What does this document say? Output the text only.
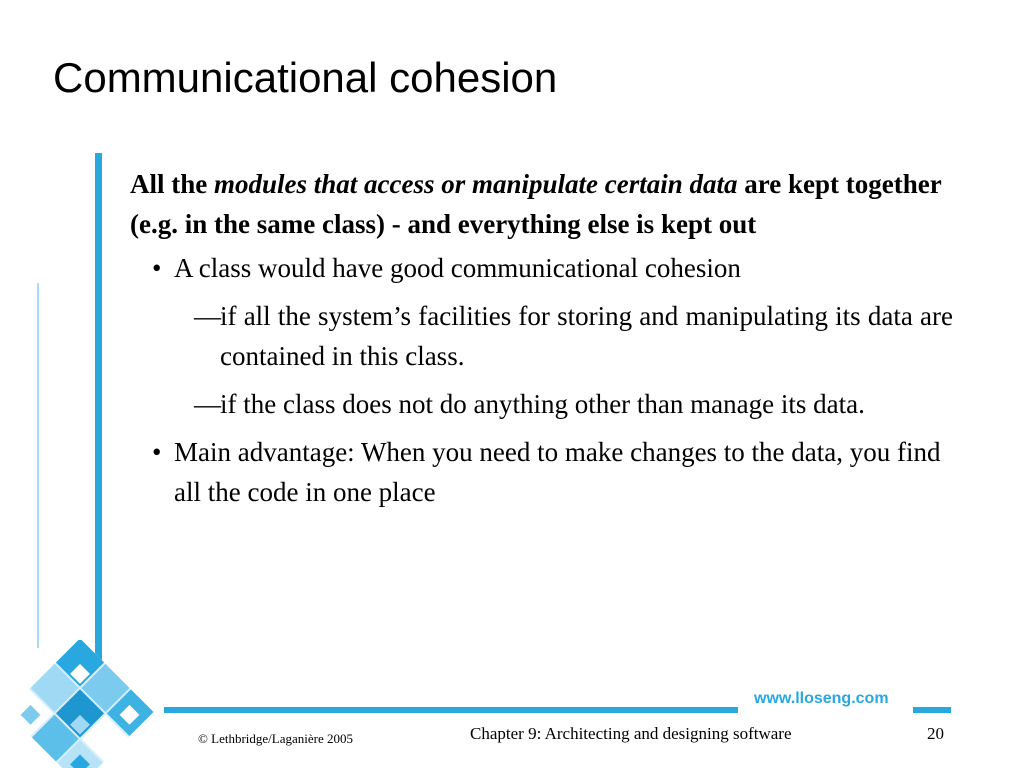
Communicational cohesion
www.lloseng.com

All the modules that access or manipulate certain data are kept together (e.g. in the same class) - and everything else is kept out

• A class would have good communicational cohesion
— if all the system’s facilities for storing and manipulating its data are contained in this class.
— if the class does not do anything other than manage its data.
• Main advantage: When you need to make changes to the data, you find all the code in one place
© Lethbridge/Laganière 2005	Chapter 9: Architecting and designing software	20
